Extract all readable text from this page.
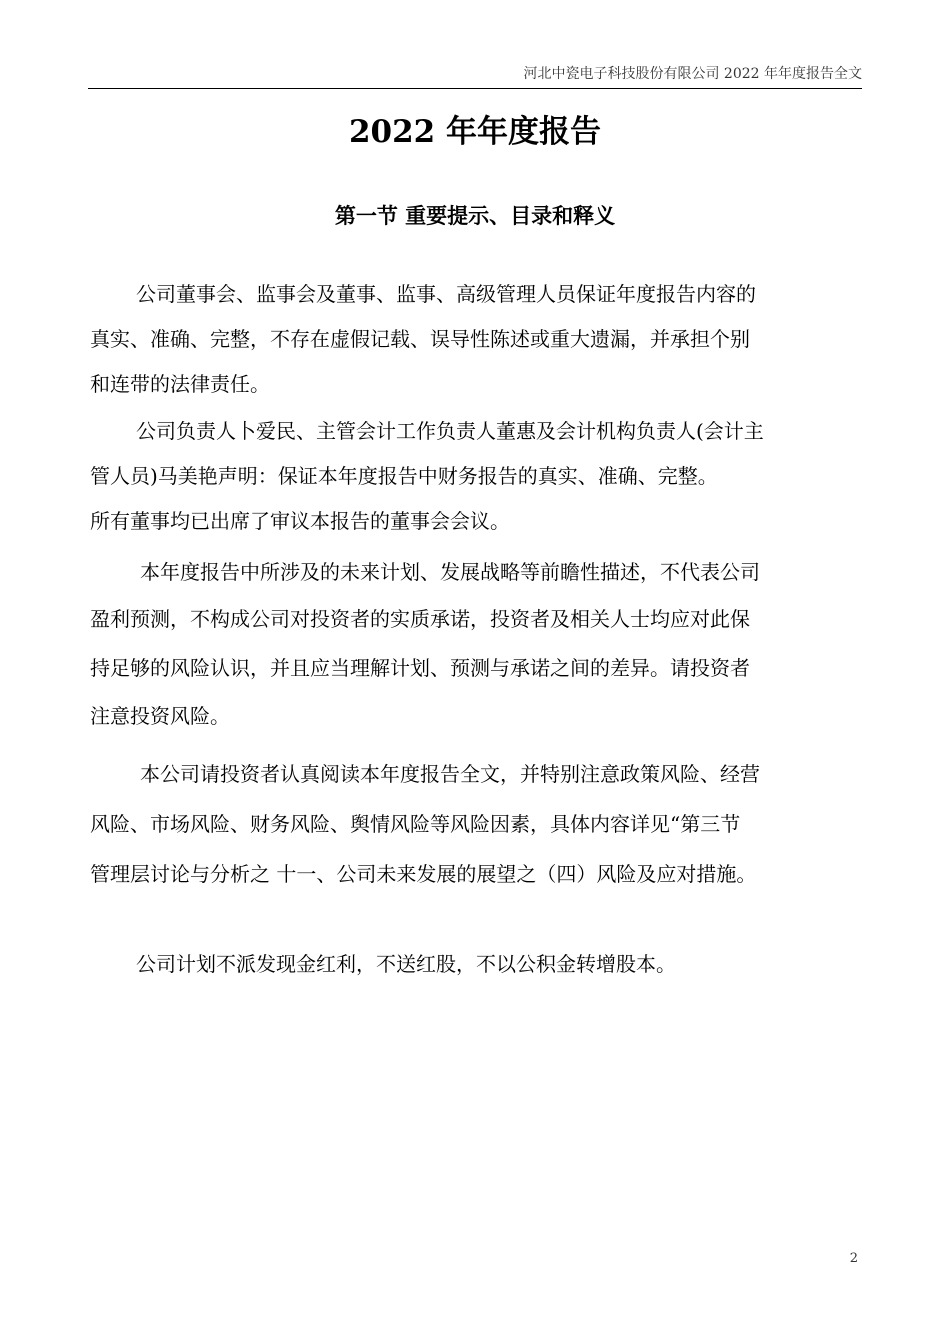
河北中瓷电子科技股份有限公司 2022 年年度报告全文
2022 年年度报告
第一节 重要提示、目录和释义
公司董事会、监事会及董事、监事、高级管理人员保证年度报告内容的
真实、准确、完整，不存在虚假记载、误导性陈述或重大遗漏，并承担个别
和连带的法律责任。
公司负责人卜爱民、主管会计工作负责人董惠及会计机构负责人(会计主
管人员)马美艳声明：保证本年度报告中财务报告的真实、准确、完整。
所有董事均已出席了审议本报告的董事会会议。
本年度报告中所涉及的未来计划、发展战略等前瞻性描述，不代表公司
盈利预测，不构成公司对投资者的实质承诺，投资者及相关人士均应对此保
持足够的风险认识，并且应当理解计划、预测与承诺之间的差异。请投资者
注意投资风险。
本公司请投资者认真阅读本年度报告全文，并特别注意政策风险、经营
风险、市场风险、财务风险、舆情风险等风险因素，具体内容详见“第三节
管理层讨论与分析之 十一、公司未来发展的展望之（四）风险及应对措施。
公司计划不派发现金红利，不送红股，不以公积金转增股本。
2
